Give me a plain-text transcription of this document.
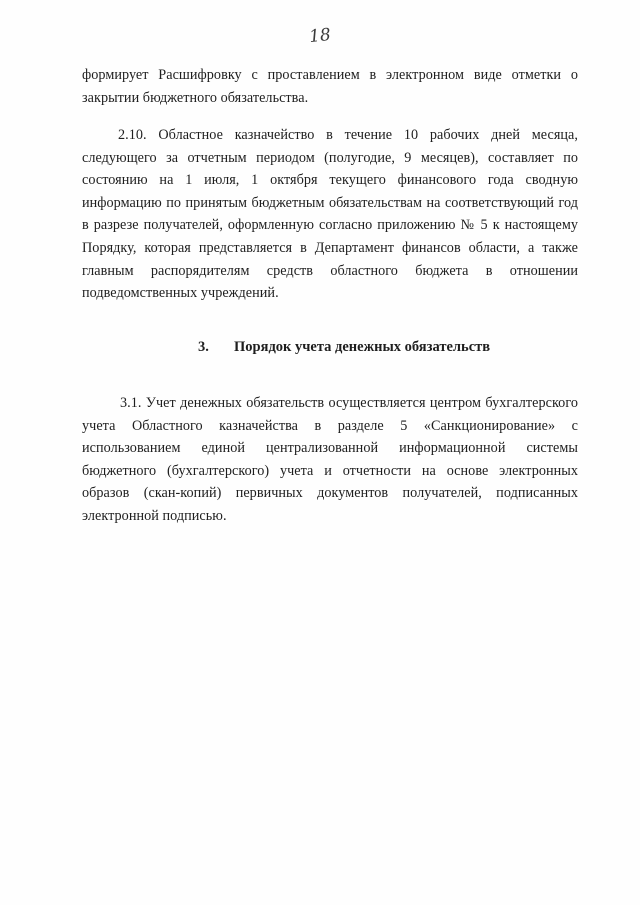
18

формирует Расшифровку с проставлением в электронном виде отметки о закрытии бюджетного обязательства.

2.10. Областное казначейство в течение 10 рабочих дней месяца, следующего за отчетным периодом (полугодие, 9 месяцев), составляет по состоянию на 1 июля, 1 октября текущего финансового года сводную информацию по принятым бюджетным обязательствам на соответствующий год в разрезе получателей, оформленную согласно приложению № 5 к настоящему Порядку, которая представляется в Департамент финансов области, а также главным распорядителям средств областного бюджета в отношении подведомственных учреждений.

3. Порядок учета денежных обязательств

3.1. Учет денежных обязательств осуществляется центром бухгалтерского учета Областного казначейства в разделе 5 «Санкционирование» с использованием единой централизованной информационной системы бюджетного (бухгалтерского) учета и отчетности на основе электронных образов (скан-копий) первичных документов получателей, подписанных электронной подписью.
